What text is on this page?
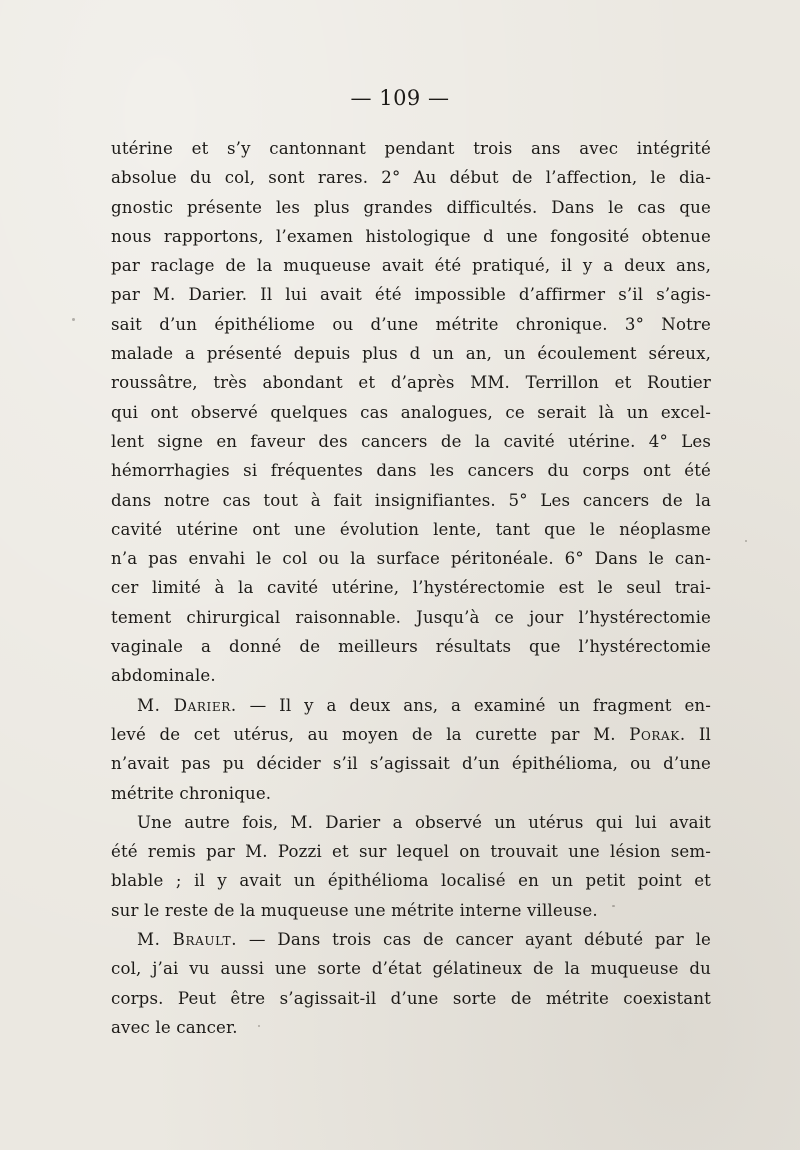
— 109 —
utérine et s’y cantonnant pendant trois ans avec intégrité
absolue du col, sont rares. 2° Au début de l’affection, le dia-
gnostic présente les plus grandes difficultés. Dans le cas que
nous rapportons, l’examen histologique d une fongosité obtenue
par raclage de la muqueuse avait été pratiqué, il y a deux ans,
par M. Darier. Il lui avait été impossible d’affirmer s’il s’agis-
sait d’un épithéliome ou d’une métrite chronique. 3° Notre
malade a présenté depuis plus d un an, un écoulement séreux,
roussâtre, très abondant et d’après MM. Terrillon et Routier
qui ont observé quelques cas analogues, ce serait là un excel-
lent signe en faveur des cancers de la cavité utérine. 4° Les
hémorrhagies si fréquentes dans les cancers du corps ont été
dans notre cas tout à fait insignifiantes. 5° Les cancers de la
cavité utérine ont une évolution lente, tant que le néoplasme
n’a pas envahi le col ou la surface péritonéale. 6° Dans le can-
cer limité à la cavité utérine, l’hystérectomie est le seul trai-
tement chirurgical raisonnable. Jusqu’à ce jour l’hystérectomie
vaginale a donné de meilleurs résultats que l’hystérectomie
abdominale.
M. Darier. — Il y a deux ans, a examiné un fragment en-
levé de cet utérus, au moyen de la curette par M. Porak. Il
n’avait pas pu décider s’il s’agissait d’un épithélioma, ou d’une
métrite chronique.
Une autre fois, M. Darier a observé un utérus qui lui avait
été remis par M. Pozzi et sur lequel on trouvait une lésion sem-
blable ; il y avait un épithélioma localisé en un petit point et
sur le reste de la muqueuse une métrite interne villeuse.
M. Brault. — Dans trois cas de cancer ayant débuté par le
col, j’ai vu aussi une sorte d’état gélatineux de la muqueuse du
corps. Peut être s’agissait-il d’une sorte de métrite coexistant
avec le cancer.
